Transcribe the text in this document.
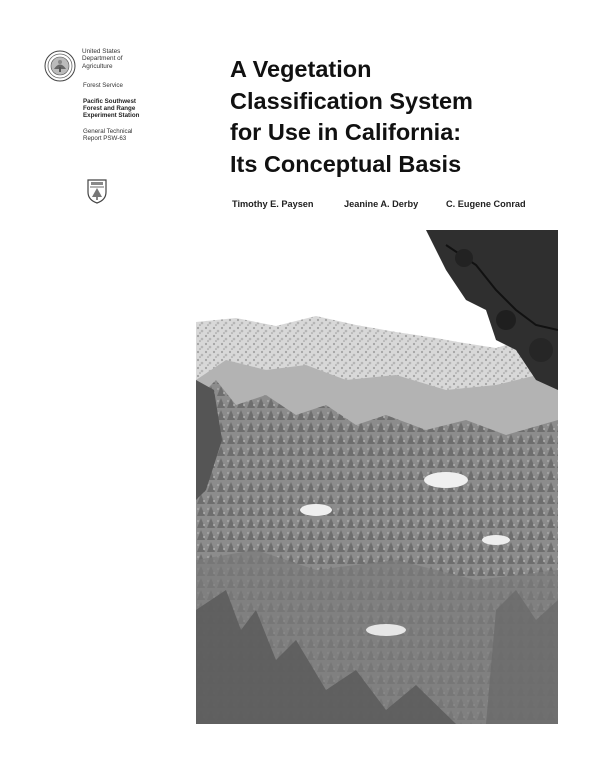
United States
Department of
Agriculture
Forest Service
Pacific Southwest
Forest and Range
Experiment Station
General Technical
Report PSW-63
A Vegetation
Classification System
for Use in California:
Its Conceptual Basis
Timothy E. Paysen	Jeanine A. Derby	C. Eugene Conrad
